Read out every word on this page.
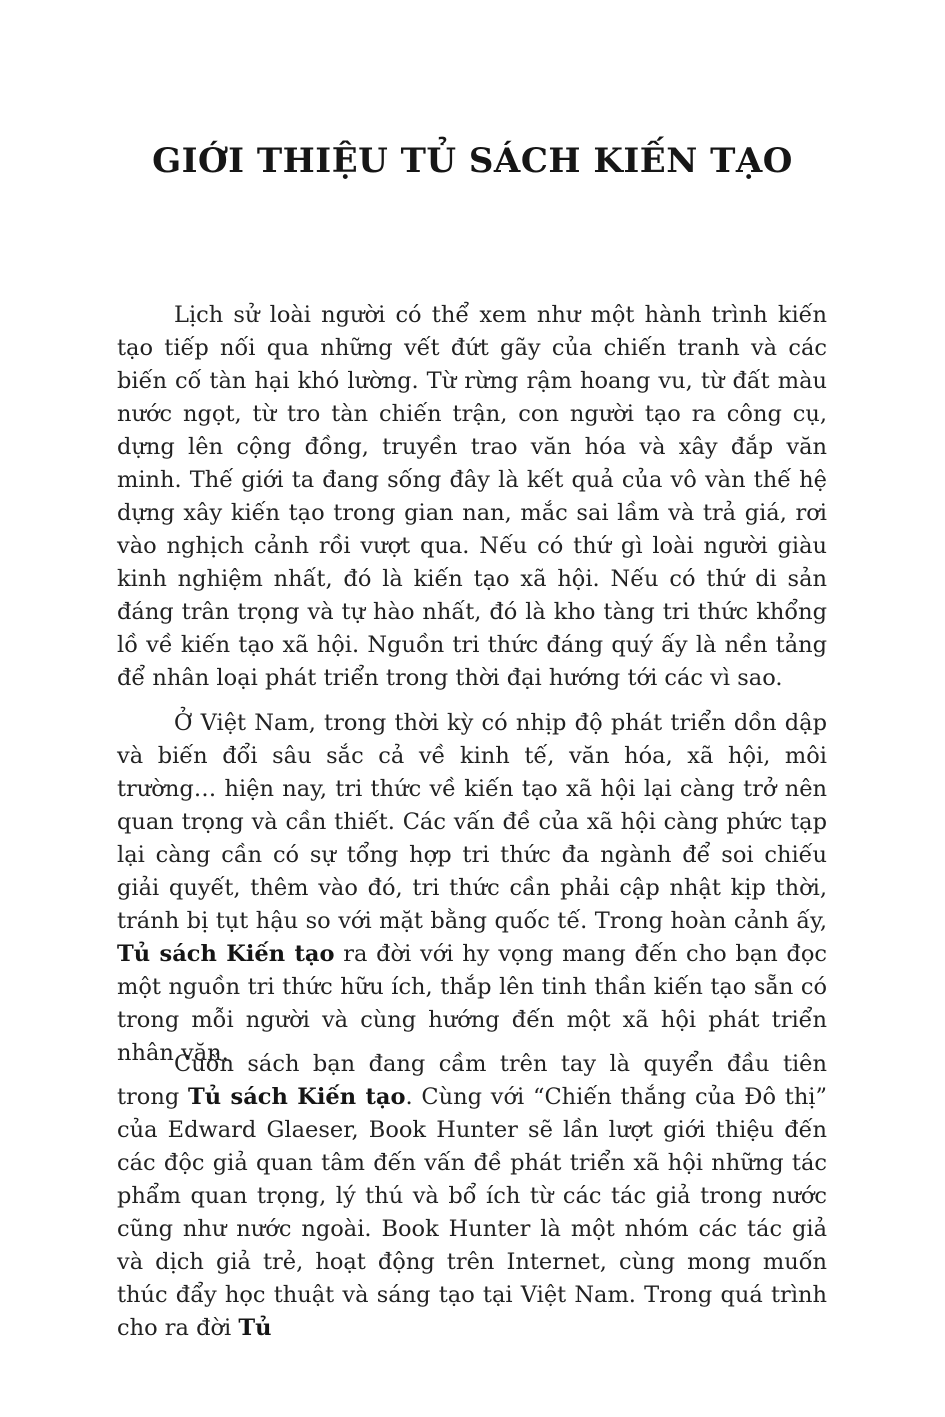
GIỚI THIỆU TỦ SÁCH KIẾN TẠO

Lịch sử loài người có thể xem như một hành trình kiến tạo tiếp nối qua những vết đứt gãy của chiến tranh và các biến cố tàn hại khó lường. Từ rừng rậm hoang vu, từ đất màu nước ngọt, từ tro tàn chiến trận, con người tạo ra công cụ, dựng lên cộng đồng, truyền trao văn hóa và xây đắp văn minh. Thế giới ta đang sống đây là kết quả của vô vàn thế hệ dựng xây kiến tạo trong gian nan, mắc sai lầm và trả giá, rơi vào nghịch cảnh rồi vượt qua. Nếu có thứ gì loài người giàu kinh nghiệm nhất, đó là kiến tạo xã hội. Nếu có thứ di sản đáng trân trọng và tự hào nhất, đó là kho tàng tri thức khổng lồ về kiến tạo xã hội. Nguồn tri thức đáng quý ấy là nền tảng để nhân loại phát triển trong thời đại hướng tới các vì sao.

Ở Việt Nam, trong thời kỳ có nhịp độ phát triển dồn dập và biến đổi sâu sắc cả về kinh tế, văn hóa, xã hội, môi trường… hiện nay, tri thức về kiến tạo xã hội lại càng trở nên quan trọng và cần thiết. Các vấn đề của xã hội càng phức tạp lại càng cần có sự tổng hợp tri thức đa ngành để soi chiếu giải quyết, thêm vào đó, tri thức cần phải cập nhật kịp thời, tránh bị tụt hậu so với mặt bằng quốc tế. Trong hoàn cảnh ấy, Tủ sách Kiến tạo ra đời với hy vọng mang đến cho bạn đọc một nguồn tri thức hữu ích, thắp lên tinh thần kiến tạo sẵn có trong mỗi người và cùng hướng đến một xã hội phát triển nhân văn.

Cuốn sách bạn đang cầm trên tay là quyển đầu tiên trong Tủ sách Kiến tạo. Cùng với “Chiến thắng của Đô thị” của Edward Glaeser, Book Hunter sẽ lần lượt giới thiệu đến các độc giả quan tâm đến vấn đề phát triển xã hội những tác phẩm quan trọng, lý thú và bổ ích từ các tác giả trong nước cũng như nước ngoài. Book Hunter là một nhóm các tác giả và dịch giả trẻ, hoạt động trên Internet, cùng mong muốn thúc đẩy học thuật và sáng tạo tại Việt Nam. Trong quá trình cho ra đời Tủ
